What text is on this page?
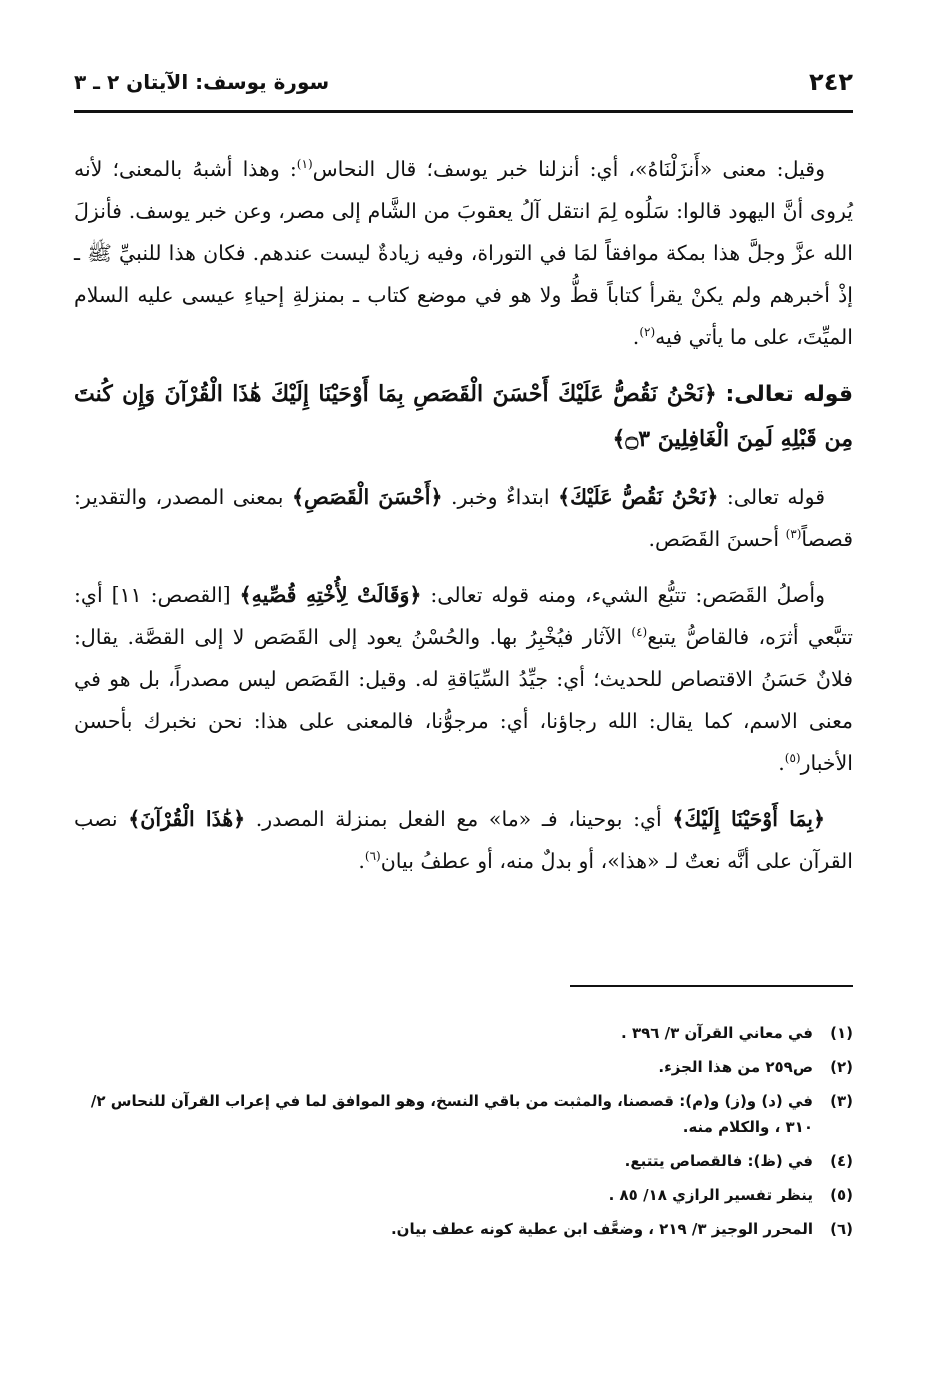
٢٤٢
سورة يوسف: الآيتان ٢ ـ ٣

وقيل: معنى «أَنزَلْنَاهُ»، أي: أنزلنا خبر يوسف؛ قال النحاس$^{(١)}$: وهذا أشبهُ بالمعنى؛ لأنه يُروى أنَّ اليهود قالوا: سَلُوه لِمَ انتقل آلُ يعقوبَ من الشَّام إلى مصر، وعن خبر يوسف. فأنزلَ الله عزَّ وجلَّ هذا بمكة موافقاً لمَا في التوراة، وفيه زيادةٌ ليست عندهم. فكان هذا للنبيِّ ﷺ ـ إذْ أخبرهم ولم يكنْ يقرأ كتاباً قطُّ ولا هو في موضع كتاب ـ بمنزلةِ إحياءِ عيسى عليه السلام الميِّتَ، على ما يأتي فيه$^{(٢)}$.

قوله تعالى: ﴿نَحْنُ نَقُصُّ عَلَيْكَ أَحْسَنَ الْقَصَصِ بِمَا أَوْحَيْنَا إِلَيْكَ هَٰذَا الْقُرْآنَ وَإِن كُنتَ مِن قَبْلِهِ لَمِنَ الْغَافِلِينَ ۝٣﴾

قوله تعالى: ﴿نَحْنُ نَقُصُّ عَلَيْكَ﴾ ابتداءٌ وخبر. ﴿أَحْسَنَ الْقَصَصِ﴾ بمعنى المصدر، والتقدير: قصصاً$^{(٣)}$ أحسنَ القَصَص.

وأصلُ القَصَص: تتبُّع الشيء، ومنه قوله تعالى: ﴿وَقَالَتْ لِأُخْتِهِ قُصِّيهِ﴾ [القصص: ١١] أي: تتبَّعي أثرَه، فالقاصُّ يتبع$^{(٤)}$ الآثار فيُخْبِرُ بها. والحُسْنُ يعود إلى القَصَص لا إلى القصَّة. يقال: فلانٌ حَسَنُ الاقتصاص للحديث؛ أي: جيِّدُ السِّيَاقةِ له. وقيل: القَصَص ليس مصدراً، بل هو في معنى الاسم، كما يقال: الله رجاؤنا، أي: مرجوُّنا، فالمعنى على هذا: نحن نخبرك بأحسن الأخبار$^{(٥)}$.

﴿بِمَا أَوْحَيْنَا إِلَيْكَ﴾ أي: بوحينا، فـ «ما» مع الفعل بمنزلة المصدر. ﴿هَٰذَا الْقُرْآنَ﴾ نصب القرآن على أنَّه نعتٌ لـ «هذا»، أو بدلٌ منه، أو عطفُ بيان$^{(٦)}$.

(١)
في معاني القرآن ٣/ ٣٩٦ .
(٢)
ص٢٥٩ من هذا الجزء.
(٣)
في (د) و(ز) و(م): قصصنا، والمثبت من باقي النسخ، وهو الموافق لما في إعراب القرآن للنحاس ٢/ ٣١٠ ، والكلام منه.
(٤)
في (ظ): فالقصاص يتتبع.
(٥)
ينظر تفسير الرازي ١٨/ ٨٥ .
(٦)
المحرر الوجيز ٣/ ٢١٩ ، وضعَّف ابن عطية كونه عطف بيان.
